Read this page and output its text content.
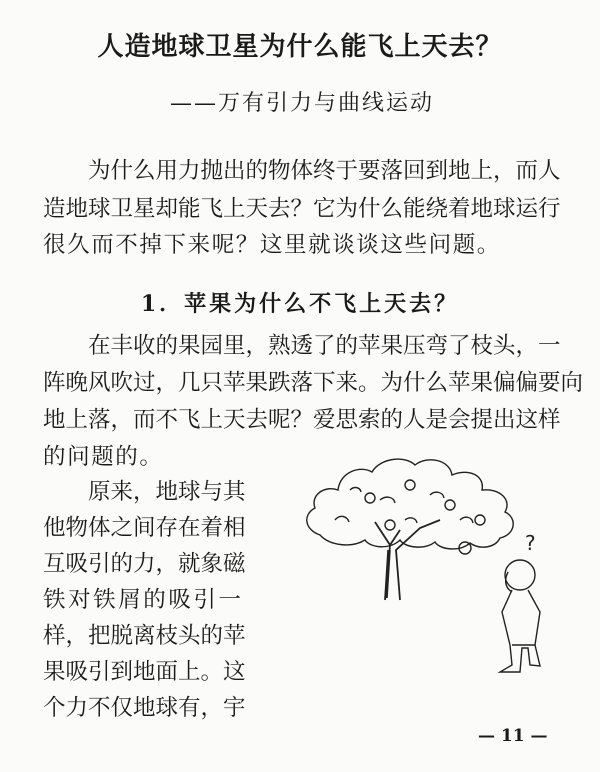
人造地球卫星为什么能飞上天去？
——万有引力与曲线运动
为什么用力抛出的物体终于要落回到地上，而人
造地球卫星却能飞上天去？它为什么能绕着地球运行
很久而不掉下来呢？这里就谈谈这些问题。
1．苹果为什么不飞上天去？
在丰收的果园里，熟透了的苹果压弯了枝头，一
阵晚风吹过，几只苹果跌落下来。为什么苹果偏偏要向
地上落，而不飞上天去呢？爱思索的人是会提出这样
的问题的。
原来，地球与其
他物体之间存在着相
互吸引的力，就象磁
铁对铁屑的吸引一
样，把脱离枝头的苹
果吸引到地面上。这
个力不仅地球有，宇
?
— 11 —
